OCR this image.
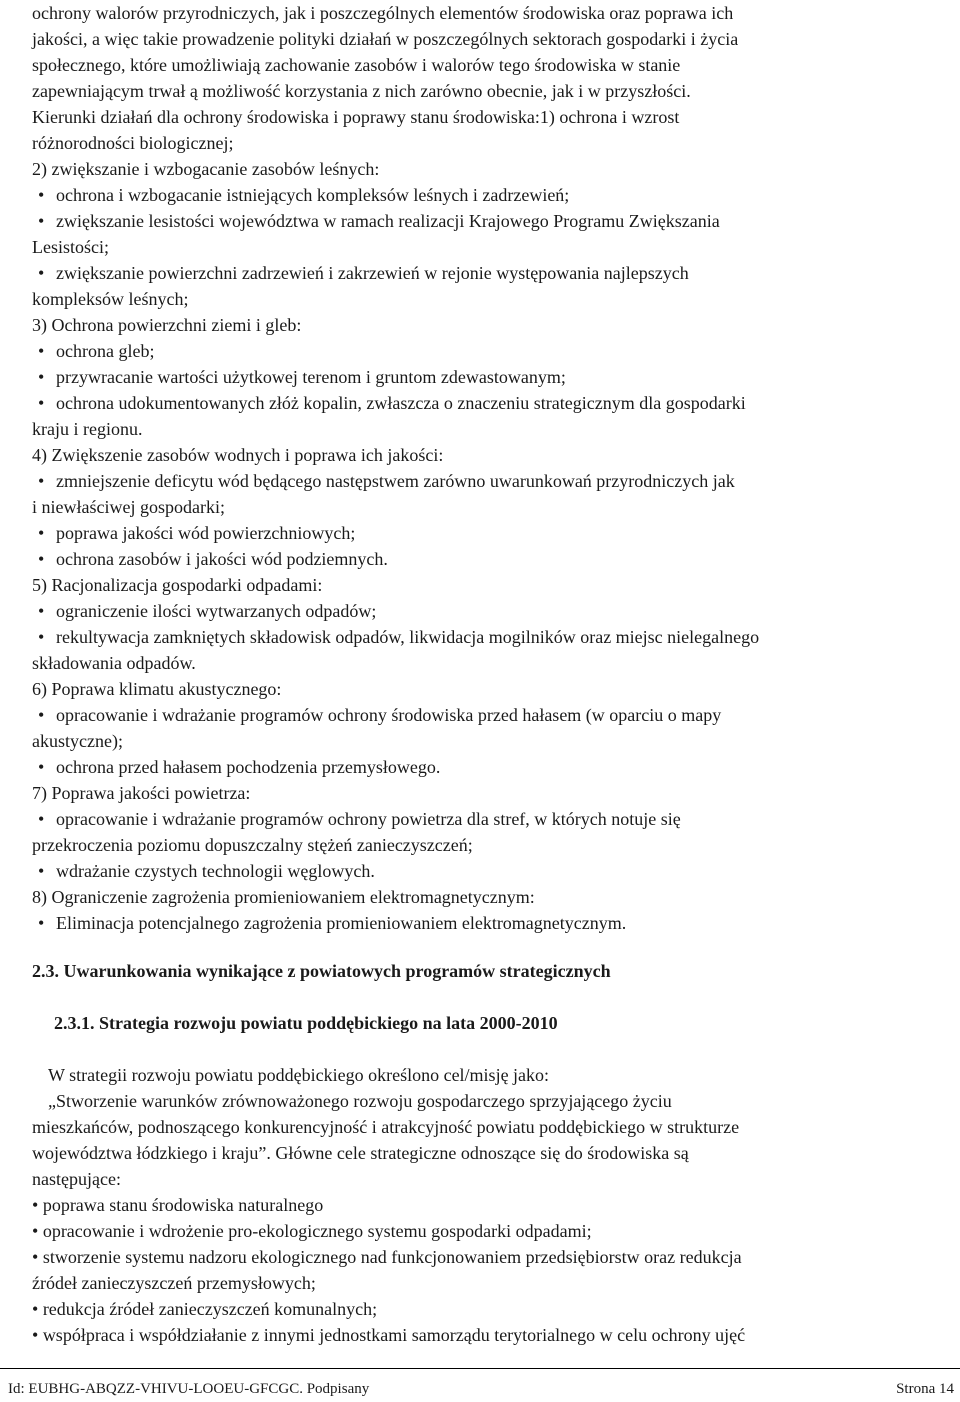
ochrony walorów przyrodniczych, jak i poszczególnych elementów środowiska oraz poprawa ich
jakości, a więc takie prowadzenie polityki działań w poszczególnych sektorach gospodarki i życia
społecznego, które umożliwiają zachowanie zasobów i walorów tego środowiska w stanie
zapewniającym trwał ą możliwość korzystania z nich zarówno obecnie, jak i w przyszłości.
Kierunki działań dla ochrony środowiska i poprawy stanu środowiska:1) ochrona i wzrost
różnorodności biologicznej;
2) zwiększanie i wzbogacanie zasobów leśnych:
• ochrona i wzbogacanie istniejących kompleksów leśnych i zadrzewień;
• zwiększanie lesistości województwa w ramach realizacji Krajowego Programu Zwiększania
Lesistości;
• zwiększanie powierzchni zadrzewień i zakrzewień w rejonie występowania najlepszych
kompleksów leśnych;
3) Ochrona powierzchni ziemi i gleb:
• ochrona gleb;
• przywracanie wartości użytkowej terenom i gruntom zdewastowanym;
• ochrona udokumentowanych złóż kopalin, zwłaszcza o znaczeniu strategicznym dla gospodarki
kraju i regionu.
4) Zwiększenie zasobów wodnych i poprawa ich jakości:
• zmniejszenie deficytu wód będącego następstwem zarówno uwarunkowań przyrodniczych jak
i niewłaściwej gospodarki;
• poprawa jakości wód powierzchniowych;
• ochrona zasobów i jakości wód podziemnych.
5) Racjonalizacja gospodarki odpadami:
• ograniczenie ilości wytwarzanych odpadów;
• rekultywacja zamkniętych składowisk odpadów, likwidacja mogilników oraz miejsc nielegalnego
składowania odpadów.
6) Poprawa klimatu akustycznego:
• opracowanie i wdrażanie programów ochrony środowiska przed hałasem (w oparciu o mapy
akustyczne);
• ochrona przed hałasem pochodzenia przemysłowego.
7) Poprawa jakości powietrza:
• opracowanie i wdrażanie programów ochrony powietrza dla stref, w których notuje się
przekroczenia poziomu dopuszczalny stężeń zanieczyszczeń;
• wdrażanie czystych technologii węglowych.
8) Ograniczenie zagrożenia promieniowaniem elektromagnetycznym:
• Eliminacja potencjalnego zagrożenia promieniowaniem elektromagnetycznym.
2.3. Uwarunkowania wynikające z powiatowych programów strategicznych
2.3.1. Strategia rozwoju powiatu poddębickiego na lata 2000-2010
W strategii rozwoju powiatu poddębickiego określono cel/misję jako:
„Stworzenie warunków zrównoważonego rozwoju gospodarczego sprzyjającego życiu
mieszkańców, podnoszącego konkurencyjność i atrakcyjność powiatu poddębickiego w strukturze
województwa łódzkiego i kraju”. Główne cele strategiczne odnoszące się do środowiska są
następujące:
• poprawa stanu środowiska naturalnego
• opracowanie i wdrożenie pro-ekologicznego systemu gospodarki odpadami;
• stworzenie systemu nadzoru ekologicznego nad funkcjonowaniem przedsiębiorstw oraz redukcja
źródeł zanieczyszczeń przemysłowych;
• redukcja źródeł zanieczyszczeń komunalnych;
• współpraca i współdziałanie z innymi jednostkami samorządu terytorialnego w celu ochrony ujęć
Id: EUBHG-ABQZZ-VHIVU-LOOEU-GFCGC. Podpisany	Strona 14
